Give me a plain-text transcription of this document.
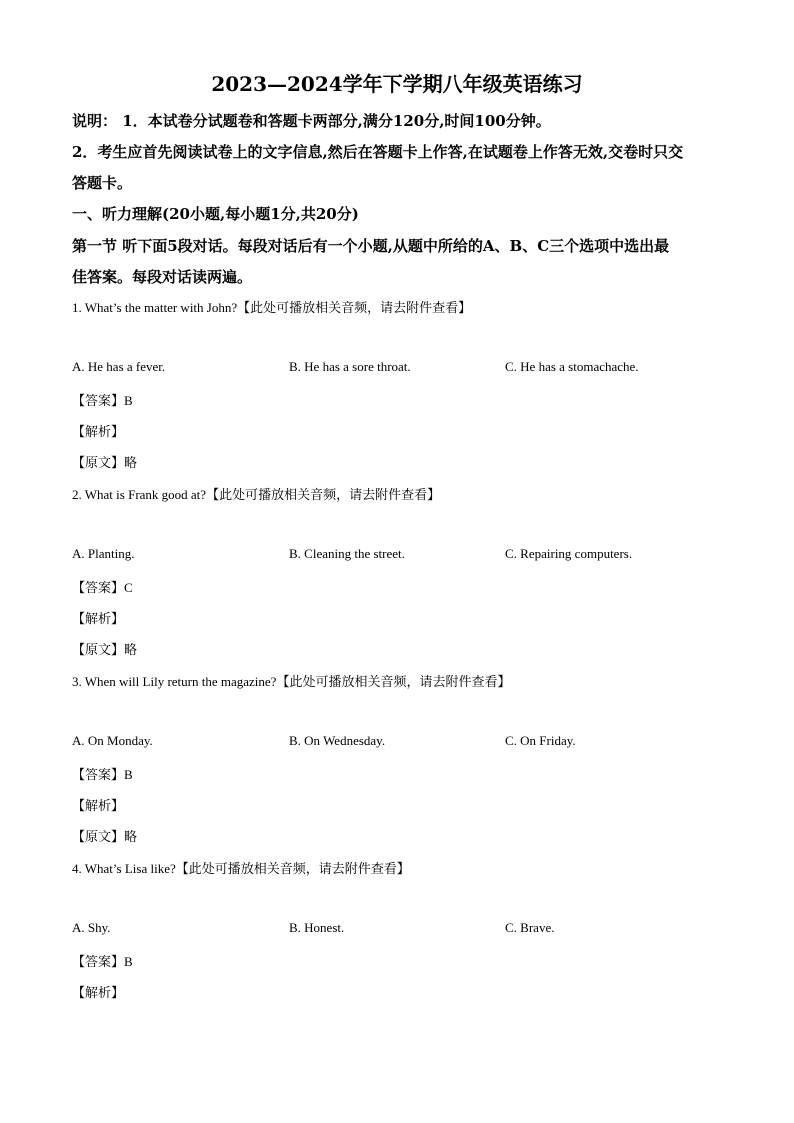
2023—2024学年下学期八年级英语练习
说明： 1．本试卷分试题卷和答题卡两部分,满分120分,时间100分钟。
2．考生应首先阅读试卷上的文字信息,然后在答题卡上作答,在试题卷上作答无效,交卷时只交
答题卡。
一、听力理解(20小题,每小题1分,共20分)
第一节 听下面5段对话。每段对话后有一个小题,从题中所给的A、B、C三个选项中选出最
佳答案。每段对话读两遍。
1. What’s the matter with John?【此处可播放相关音频，请去附件查看】
A. He has a fever.	B. He has a sore throat.	C. He has a stomachache.
【答案】B
【解析】
【原文】略
2. What is Frank good at?【此处可播放相关音频，请去附件查看】
A. Planting.	B. Cleaning the street.	C. Repairing computers.
【答案】C
【解析】
【原文】略
3. When will Lily return the magazine?【此处可播放相关音频，请去附件查看】
A. On Monday.	B. On Wednesday.	C. On Friday.
【答案】B
【解析】
【原文】略
4. What’s Lisa like?【此处可播放相关音频，请去附件查看】
A. Shy.	B. Honest.	C. Brave.
【答案】B
【解析】
